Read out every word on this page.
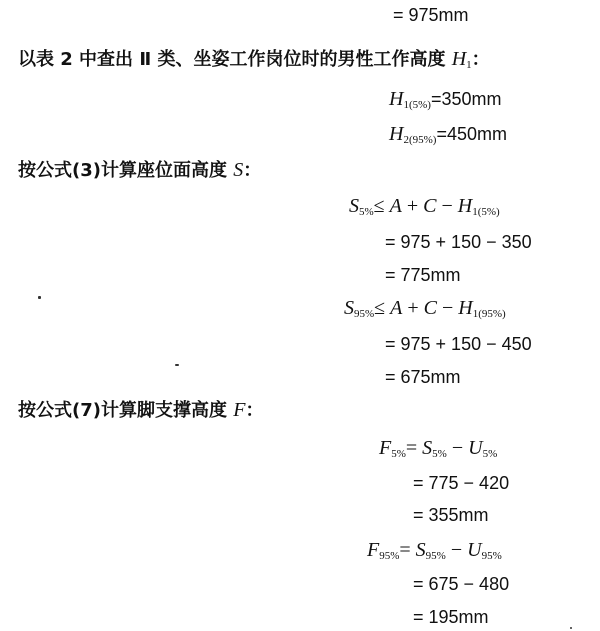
= 975mm
以表 2 中查出 Ⅱ 类、坐姿工作岗位时的男性工作高度 $H_1$：
$H_{1(5\%)}=350mm$
$H_{2(95\%)}=450mm$
按公式(3)计算座位面高度 S：
$S_{5\%}\le A + C - H_{1(5\%)}$
= 975 + 150 − 350
= 775mm
$S_{95\%}\le A + C - H_{1(95\%)}$
= 975 + 150 − 450
= 675mm
按公式(7)计算脚支撑高度 F：
$F_{5\%}= S_{5\%} - U_{5\%}$
= 775 − 420
= 355mm
$F_{95\%}= S_{95\%} - U_{95\%}$
= 675 − 480
= 195mm
